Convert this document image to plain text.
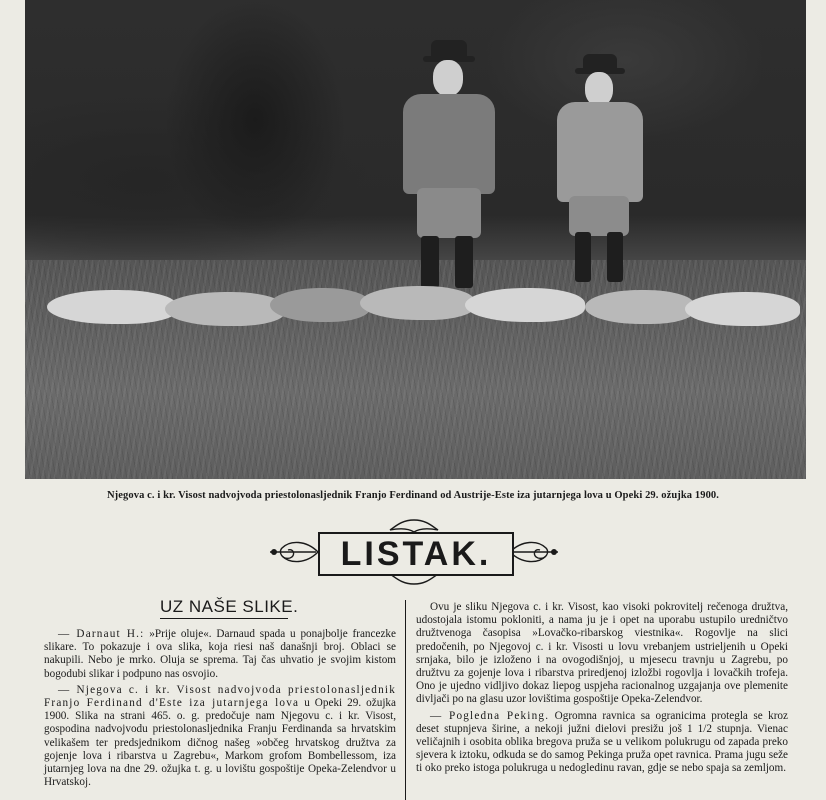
Njegova c. i kr. Visost nadvojvoda priestolonasljednik Franjo Ferdinand od Austrije-Este iza jutarnjega lova u Opeki 29. ožujka 1900.
LISTAK.
UZ NAŠE SLIKE.

— Darnaut H.: »Prije oluje«. Darnaud spada u ponajbolje francezke slikare. To pokazuje i ova slika, koja riesi naš današnji broj. Oblaci se nakupili. Nebo je mrko. Oluja se sprema. Taj čas uhvatio je svojim kistom bogodubi slikar i podpuno nas osvojio.

— Njegova c. i kr. Visost nadvojvoda priestolonasljednik Franjo Ferdinand d'Este iza jutarnjega lova u Opeki 29. ožujka 1900. Slika na strani 465. o. g. predočuje nam Njegovu c. i kr. Visost, gospodina nadvojvodu priestolonasljednika Franju Ferdinanda sa hrvatskim velikašem ter predsjednikom dičnog našeg »občeg hrvatskog družtva za gojenje lova i ribarstva u Zagrebu«, Markom grofom Bombellessom, iza jutarnjeg lova na dne 29. ožujka t. g. u lovištu gospoštije Opeka-Zelendvor u Hrvatskoj.

Ovu je sliku Njegova c. i kr. Visost, kao visoki pokrovitelj rečenoga družtva, udostojala istomu pokloniti, a nama ju je i opet na uporabu ustupilo uredničtvo družtvenoga časopisa »Lovačko-ribarskog viestnika«. Rogovlje na slici predočenih, po Njegovoj c. i kr. Visosti u lovu vrebanjem ustrieljenih u Opeki srnjaka, bilo je izloženo i na ovogodišnjoj, u mjesecu travnju u Zagrebu, po družtvu za gojenje lova i ribarstva priredjenoj izložbi rogovlja i lovačkih trofeja. Ono je ujedno vidljivo dokaz liepog uspjeha racionalnog uzgajanja ove plemenite divljači po na glasu uzor lovištima gospoštije Opeka-Zelendvor.

— Pogledna Peking. Ogromna ravnica sa ogranicima protegla se kroz deset stupnjeva širine, a nekoji južni dielovi presižu još 1 1/2 stupnja. Vienac veličajnih i osobita oblika bregova pruža se u velikom polukrugu od zapada preko sjevera k iztoku, odkuda se do samog Pekinga pruža opet ravnica. Prama jugu seže ti oko preko istoga polukruga u nedogledinu ravan, gdje se nebo spaja sa zemljom.
